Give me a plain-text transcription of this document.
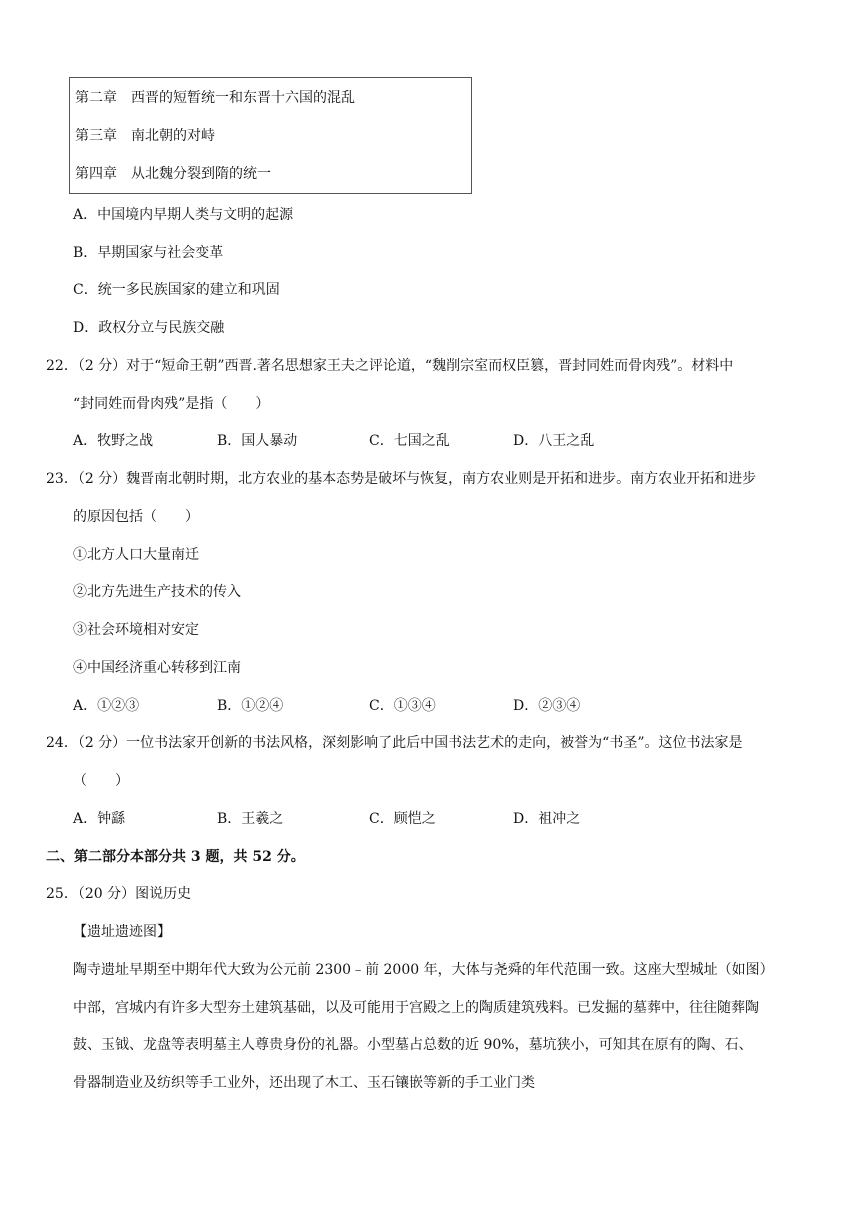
第二章　西晋的短暂统一和东晋十六国的混乱
第三章　南北朝的对峙
第四章　从北魏分裂到隋的统一
A．中国境内早期人类与文明的起源
B．早期国家与社会变革
C．统一多民族国家的建立和巩固
D．政权分立与民族交融
22．（2 分）对于“短命王朝”西晋.著名思想家王夫之评论道，“魏削宗室而权臣篡，晋封同姓而骨肉残”。材料中
“封同姓而骨肉残”是指（　　）
A．牧野之战	B．国人暴动	C．七国之乱	D．八王之乱
23．（2 分）魏晋南北朝时期，北方农业的基本态势是破坏与恢复，南方农业则是开拓和进步。南方农业开拓和进步
的原因包括（　　）
①北方人口大量南迁
②北方先进生产技术的传入
③社会环境相对安定
④中国经济重心转移到江南
A．①②③	B．①②④	C．①③④	D．②③④
24．（2 分）一位书法家开创新的书法风格，深刻影响了此后中国书法艺术的走向，被誉为“书圣”。这位书法家是
（　　）
A．钟繇	B．王羲之	C．顾恺之	D．祖冲之
二、第二部分本部分共 3 题，共 52 分。
25．（20 分）图说历史
【遗址遗迹图】
陶寺遗址早期至中期年代大致为公元前 2300﹣前 2000 年，大体与尧舜的年代范围一致。这座大型城址（如图）
中部，宫城内有许多大型夯土建筑基础，以及可能用于宫殿之上的陶质建筑残料。已发掘的墓葬中，往往随葬陶
鼓、玉钺、龙盘等表明墓主人尊贵身份的礼器。小型墓占总数的近 90%，墓坑狭小，可知其在原有的陶、石、
骨器制造业及纺织等手工业外，还出现了木工、玉石镶嵌等新的手工业门类
